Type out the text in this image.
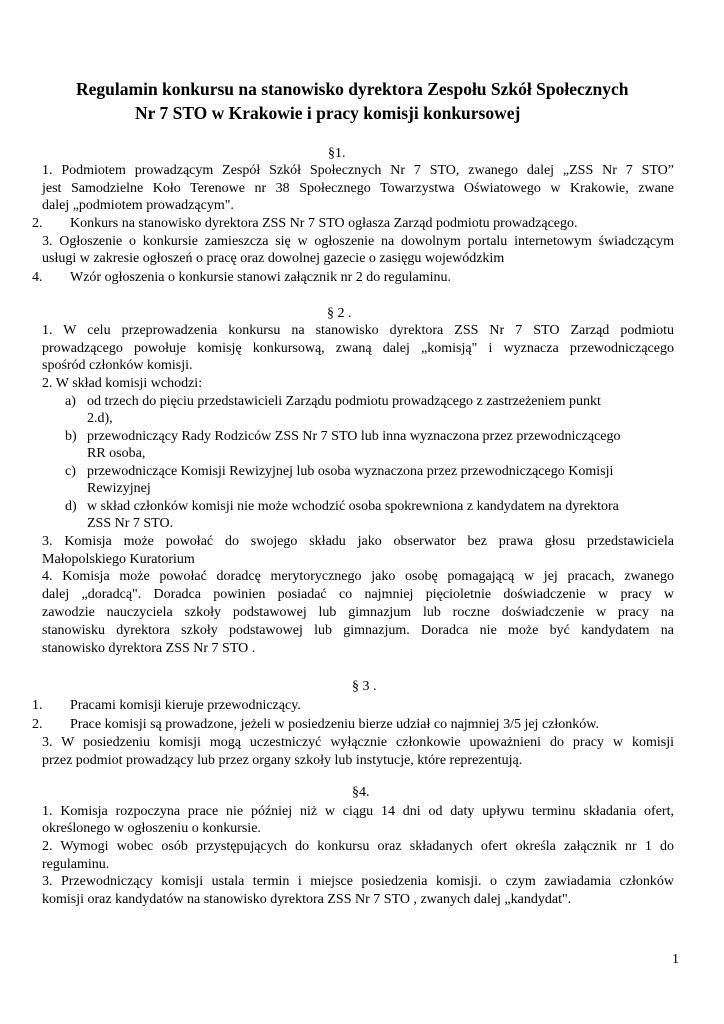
Regulamin konkursu na stanowisko dyrektora Zespołu Szkół Społecznych
Nr 7 STO w Krakowie i pracy komisji konkursowej
§1.
1. Podmiotem prowadzącym Zespół Szkół Społecznych Nr 7 STO, zwanego dalej „ZSS Nr 7 STO”
jest Samodzielne Koło Terenowe nr 38 Społecznego Towarzystwa Oświatowego w Krakowie, zwane
dalej „podmiotem prowadzącym".
2. Konkurs na stanowisko dyrektora ZSS Nr 7 STO ogłasza Zarząd podmiotu prowadzącego.
3. Ogłoszenie o konkursie zamieszcza się w ogłoszenie na dowolnym portalu internetowym świadczącym
usługi w zakresie ogłoszeń o pracę oraz dowolnej gazecie o zasięgu wojewódzkim
4. Wzór ogłoszenia o konkursie stanowi załącznik nr 2 do regulaminu.
§ 2 .
1. W celu przeprowadzenia konkursu na stanowisko dyrektora ZSS Nr 7 STO Zarząd podmiotu
prowadzącego powołuje komisję konkursową, zwaną dalej „komisją" i wyznacza przewodniczącego
spośród członków komisji.
2. W skład komisji wchodzi:
a) od trzech do pięciu przedstawicieli Zarządu podmiotu prowadzącego z zastrzeżeniem punkt
2.d),
b) przewodniczący Rady Rodziców ZSS Nr 7 STO lub inna wyznaczona przez przewodniczącego
RR osoba,
c) przewodniczące Komisji Rewizyjnej lub osoba wyznaczona przez przewodniczącego Komisji
Rewizyjnej
d) w skład członków komisji nie może wchodzić osoba spokrewniona z kandydatem na dyrektora
ZSS Nr 7 STO.
3. Komisja może powołać do swojego składu jako obserwator bez prawa głosu przedstawiciela
Małopolskiego Kuratorium
4. Komisja może powołać doradcę merytorycznego jako osobę pomagającą w jej pracach, zwanego
dalej „doradcą". Doradca powinien posiadać co najmniej pięcioletnie doświadczenie w pracy w
zawodzie nauczyciela szkoły podstawowej lub gimnazjum lub roczne doświadczenie w pracy na
stanowisku dyrektora szkoły podstawowej lub gimnazjum. Doradca nie może być kandydatem na
stanowisko dyrektora ZSS Nr 7 STO .
§ 3 .
1. Pracami komisji kieruje przewodniczący.
2. Prace komisji są prowadzone, jeżeli w posiedzeniu bierze udział co najmniej 3/5 jej członków.
3. W posiedzeniu komisji mogą uczestniczyć wyłącznie członkowie upoważnieni do pracy w komisji
przez podmiot prowadzący lub przez organy szkoły lub instytucje, które reprezentują.
§4.
1. Komisja rozpoczyna prace nie później niż w ciągu 14 dni od daty upływu terminu składania ofert,
określonego w ogłoszeniu o konkursie.
2. Wymogi wobec osób przystępujących do konkursu oraz składanych ofert określa załącznik nr 1 do
regulaminu.
3. Przewodniczący komisji ustala termin i miejsce posiedzenia komisji. o czym zawiadamia członków
komisji oraz kandydatów na stanowisko dyrektora ZSS Nr 7 STO , zwanych dalej „kandydat".
1
